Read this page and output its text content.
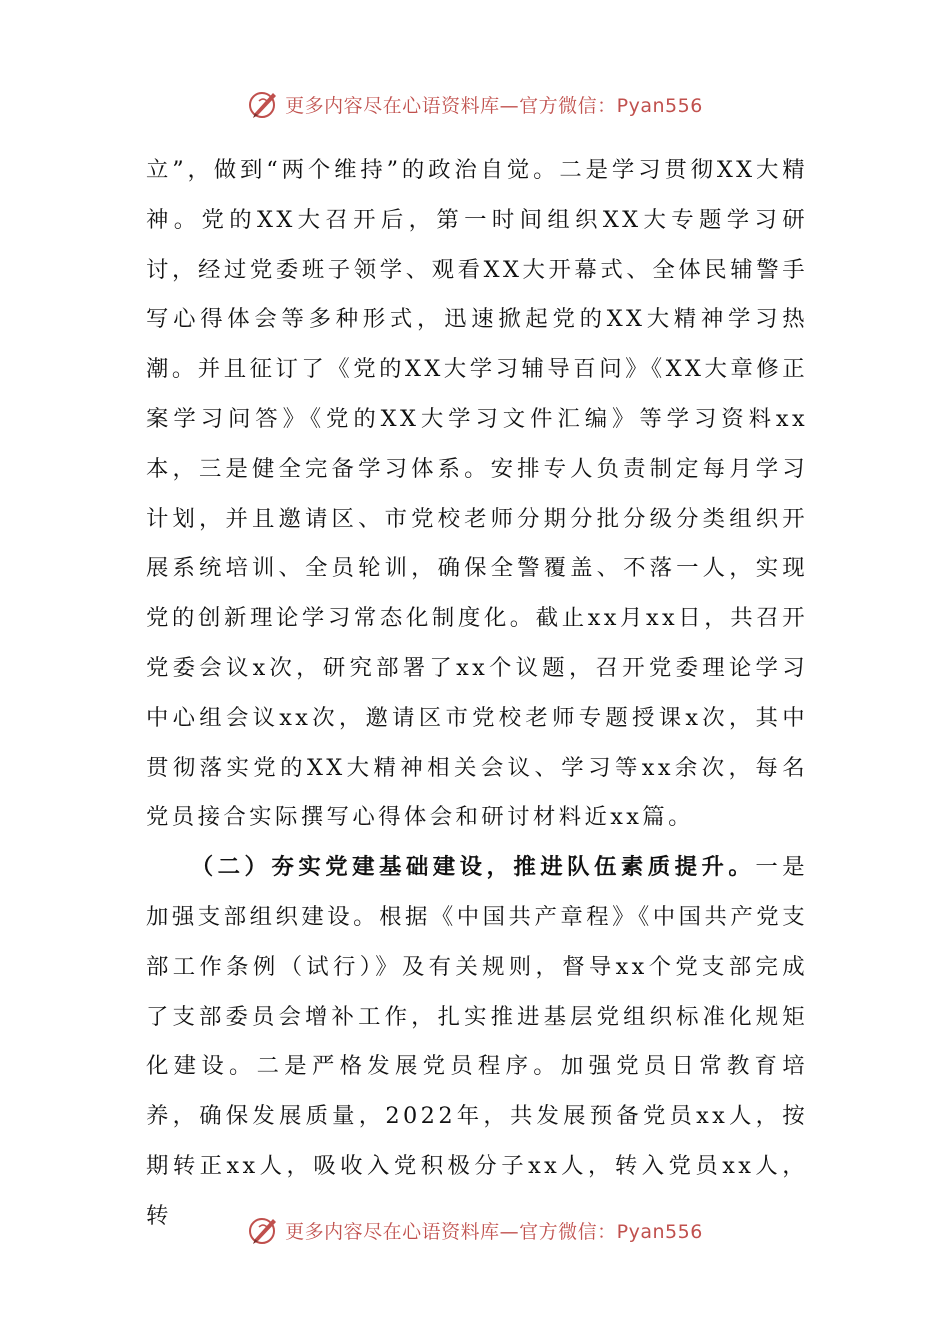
更多内容尽在心语资料库—官方微信：Pyan556

立”，做到“两个维持”的政治自觉。二是学习贯彻XX大精神。党的XX大召开后，第一时间组织XX大专题学习研讨，经过党委班子领学、观看XX大开幕式、全体民辅警手写心得体会等多种形式，迅速掀起党的XX大精神学习热潮。并且征订了《党的XX大学习辅导百问》《XX大章修正案学习问答》《党的XX大学习文件汇编》等学习资料xx本，三是健全完备学习体系。安排专人负责制定每月学习计划，并且邀请区、市党校老师分期分批分级分类组织开展系统培训、全员轮训，确保全警覆盖、不落一人，实现党的创新理论学习常态化制度化。截止xx月xx日，共召开党委会议x次，研究部署了xx个议题，召开党委理论学习中心组会议xx次，邀请区市党校老师专题授课x次，其中贯彻落实党的XX大精神相关会议、学习等xx余次，每名党员接合实际撰写心得体会和研讨材料近xx篇。

（二）夯实党建基础建设，推进队伍素质提升。一是加强支部组织建设。根据《中国共产章程》《中国共产党支部工作条例（试行）》及有关规则，督导xx个党支部完成了支部委员会增补工作，扎实推进基层党组织标准化规矩化建设。二是严格发展党员程序。加强党员日常教育培养，确保发展质量，2022年，共发展预备党员xx人，按期转正xx人，吸收入党积极分子xx人，转入党员xx人，转

更多内容尽在心语资料库—官方微信：Pyan556
